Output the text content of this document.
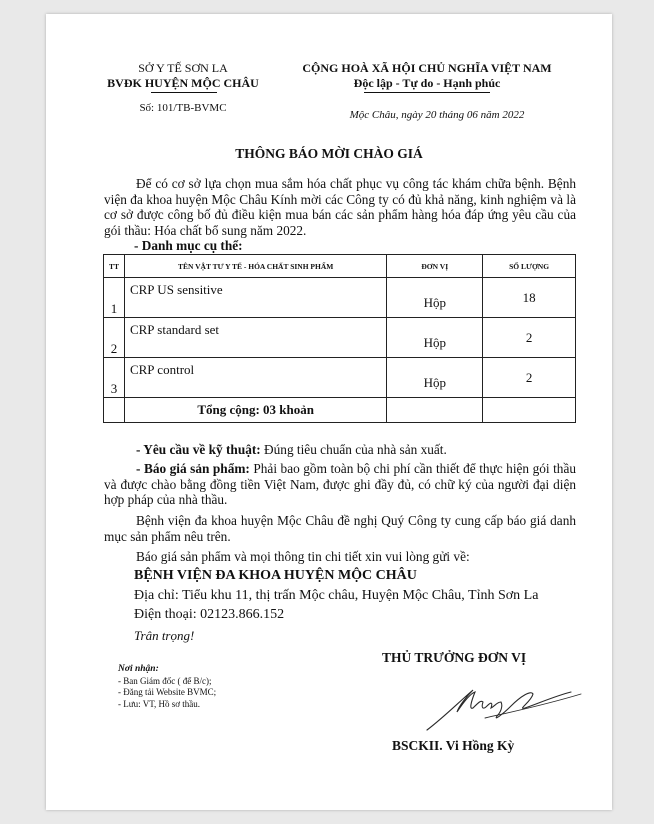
SỞ Y TẾ SƠN LA
BVĐK HUYỆN MỘC CHÂU
Số: 101/TB-BVMC
CỘNG HOÀ XÃ HỘI CHỦ NGHĨA VIỆT NAM
Độc lập - Tự do - Hạnh phúc
Mộc Châu, ngày 20 tháng 06 năm 2022
THÔNG BÁO MỜI CHÀO GIÁ

Để có cơ sở lựa chọn mua sắm hóa chất phục vụ công tác khám chữa bệnh. Bệnh viện đa khoa huyện Mộc Châu Kính mời các Công ty có đủ khả năng, kinh nghiệm và là cơ sở được công bố đủ điều kiện mua bán các sản phẩm hàng hóa đáp ứng yêu cầu của gói thầu: Hóa chất bổ sung năm 2022.

- Danh mục cụ thể:
TT	TÊN VẬT TƯ Y TẾ - HÓA CHẤT SINH PHẨM	ĐƠN VỊ	SỐ LƯỢNG
1	CRP US sensitive	Hộp	18
2	CRP standard set	Hộp	2
3	CRP control	Hộp	2
	Tổng cộng: 03 khoản		

- Yêu cầu về kỹ thuật: Đúng tiêu chuẩn của nhà sản xuất.

- Báo giá sản phẩm: Phải bao gồm toàn bộ chi phí cần thiết để thực hiện gói thầu và được chào bằng đồng tiền Việt Nam, được ghi đầy đủ, có chữ ký của người đại diện hợp pháp của nhà thầu.

Bệnh viện đa khoa huyện Mộc Châu đề nghị Quý Công ty cung cấp báo giá danh mục sản phẩm nêu trên.

Báo giá sản phẩm và mọi thông tin chi tiết xin vui lòng gửi về:

BỆNH VIỆN ĐA KHOA HUYỆN MỘC CHÂU
Địa chỉ: Tiểu khu 11, thị trấn Mộc châu, Huyện Mộc Châu, Tỉnh Sơn La
Điện thoại: 02123.866.152
Trân trọng!
Nơi nhận:
- Ban Giám đốc ( để B/c);
- Đăng tải Website BVMC;
- Lưu: VT, Hồ sơ thầu.
THỦ TRƯỞNG ĐƠN VỊ
BSCKII. Vi Hồng Kỳ
